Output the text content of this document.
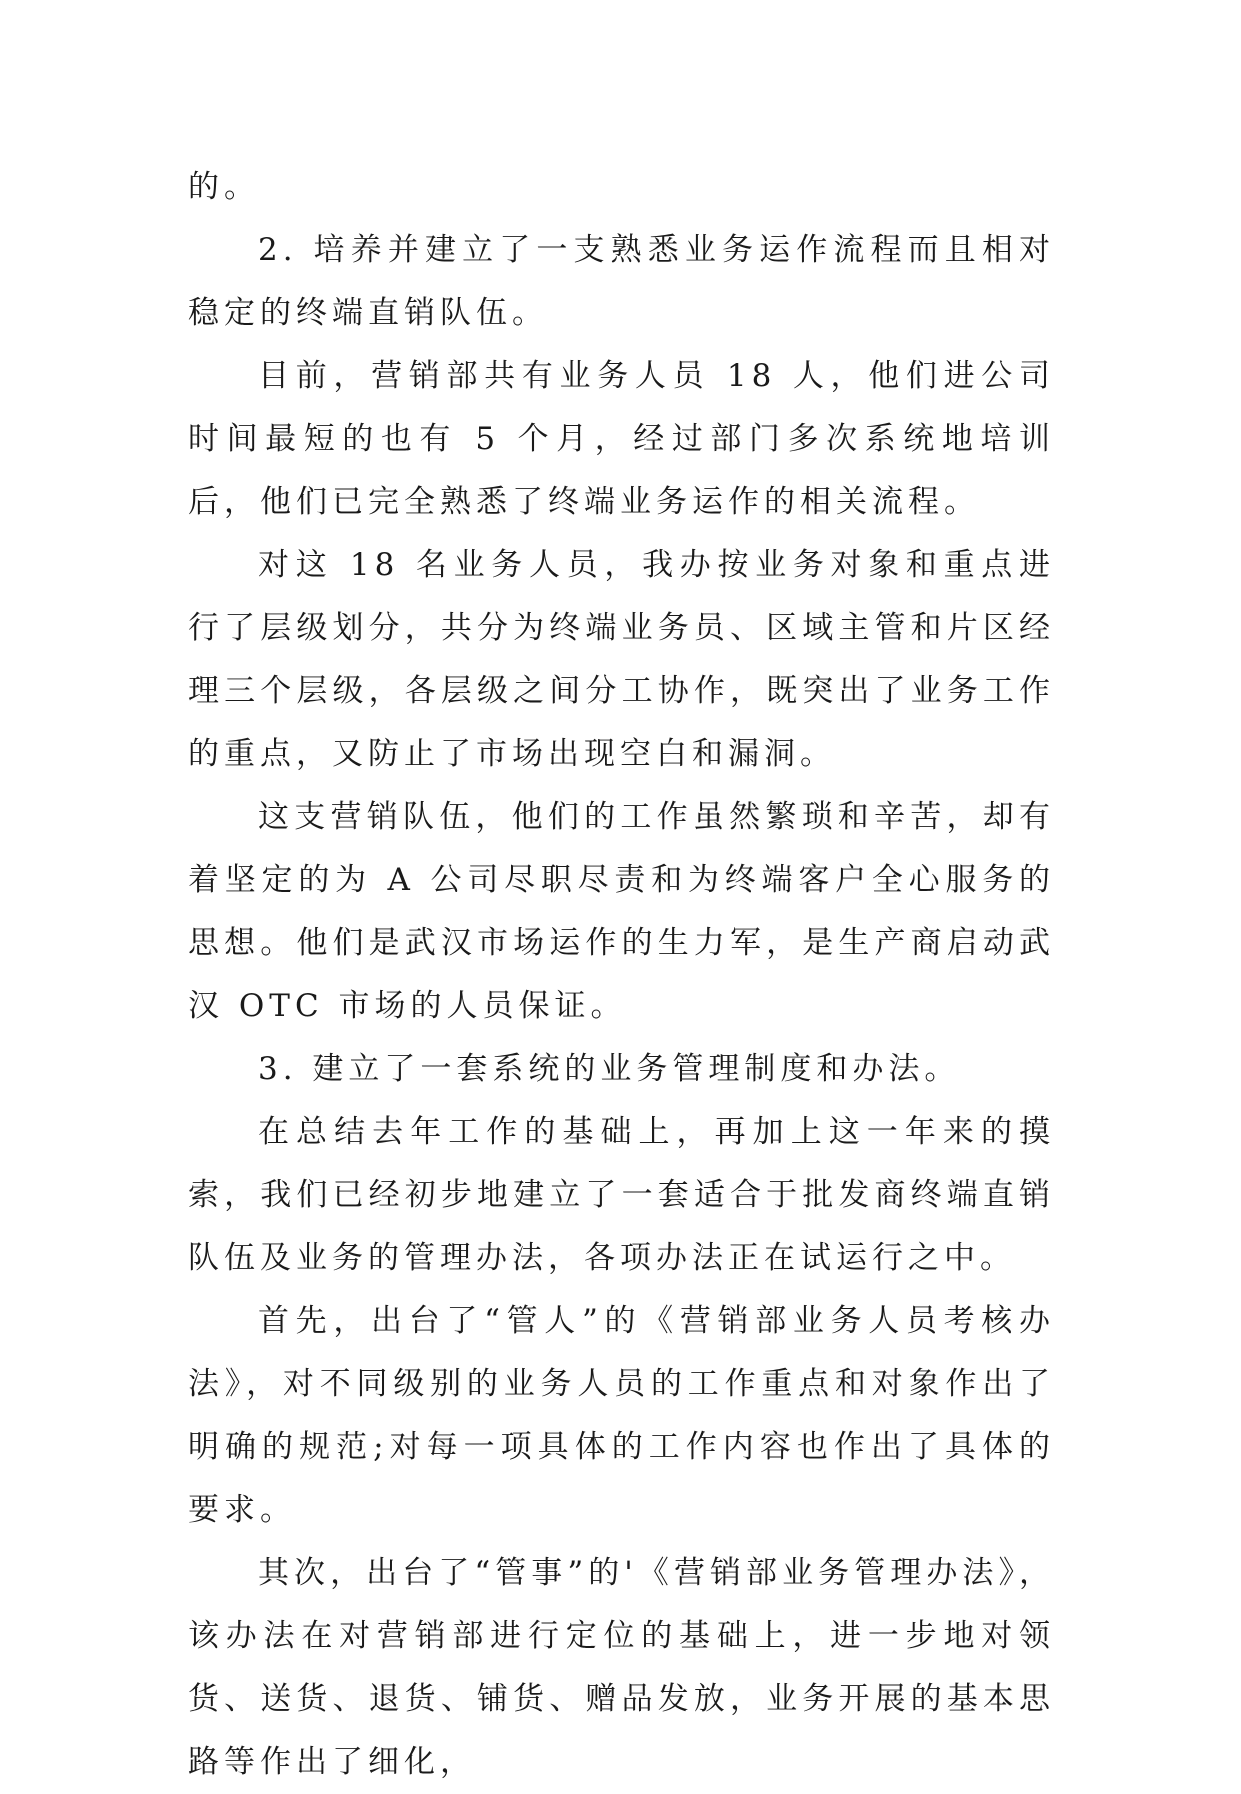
的。

2. 培养并建立了一支熟悉业务运作流程而且相对稳定的终端直销队伍。

目前，营销部共有业务人员 18 人，他们进公司时间最短的也有 5 个月，经过部门多次系统地培训后，他们已完全熟悉了终端业务运作的相关流程。

对这 18 名业务人员，我办按业务对象和重点进行了层级划分，共分为终端业务员、区域主管和片区经理三个层级，各层级之间分工协作，既突出了业务工作的重点，又防止了市场出现空白和漏洞。

这支营销队伍，他们的工作虽然繁琐和辛苦，却有着坚定的为 A 公司尽职尽责和为终端客户全心服务的思想。他们是武汉市场运作的生力军，是生产商启动武汉 OTC 市场的人员保证。

3. 建立了一套系统的业务管理制度和办法。

在总结去年工作的基础上，再加上这一年来的摸索，我们已经初步地建立了一套适合于批发商终端直销队伍及业务的管理办法，各项办法正在试运行之中。

首先，出台了“管人”的《营销部业务人员考核办法》，对不同级别的业务人员的工作重点和对象作出了明确的规范;对每一项具体的工作内容也作出了具体的要求。

其次，出台了“管事”的'《营销部业务管理办法》，该办法在对营销部进行定位的基础上，进一步地对领货、送货、退货、铺货、赠品发放，业务开展的基本思路等作出了细化，
